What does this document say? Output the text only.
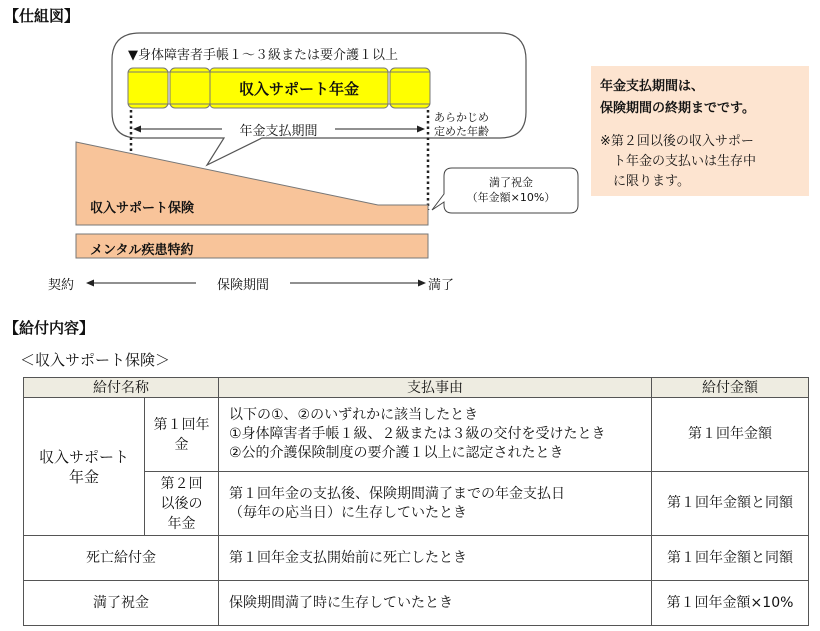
【仕組図】
▼身体障害者手帳１～３級または要介護１以上
収入サポート年金
年金支払期間
あらかじめ
定めた年齢
収入サポート保険
メンタル疾患特約
満了祝金
（年金額×10%）
契約	保険期間	満了
年金支払期間は、
保険期間の終期までです。
※第２回以後の収入サポー
ト年金の支払いは生存中
に限ります。
【給付内容】
＜収入サポート保険＞
給付名称		支払事由	給付金額
収入サポート年金	第１回年金	以下の①、②のいずれかに該当したとき
①身体障害者手帳１級、２級または３級の交付を受けたとき
②公的介護保険制度の要介護１以上に認定されたとき	第１回年金額
	第２回以後の年金	第１回年金の支払後、保険期間満了までの年金支払日
（毎年の応当日）に生存していたとき	第１回年金額と同額
死亡給付金		第１回年金支払開始前に死亡したとき	第１回年金額と同額
満了祝金		保険期間満了時に生存していたとき	第１回年金額×10%
